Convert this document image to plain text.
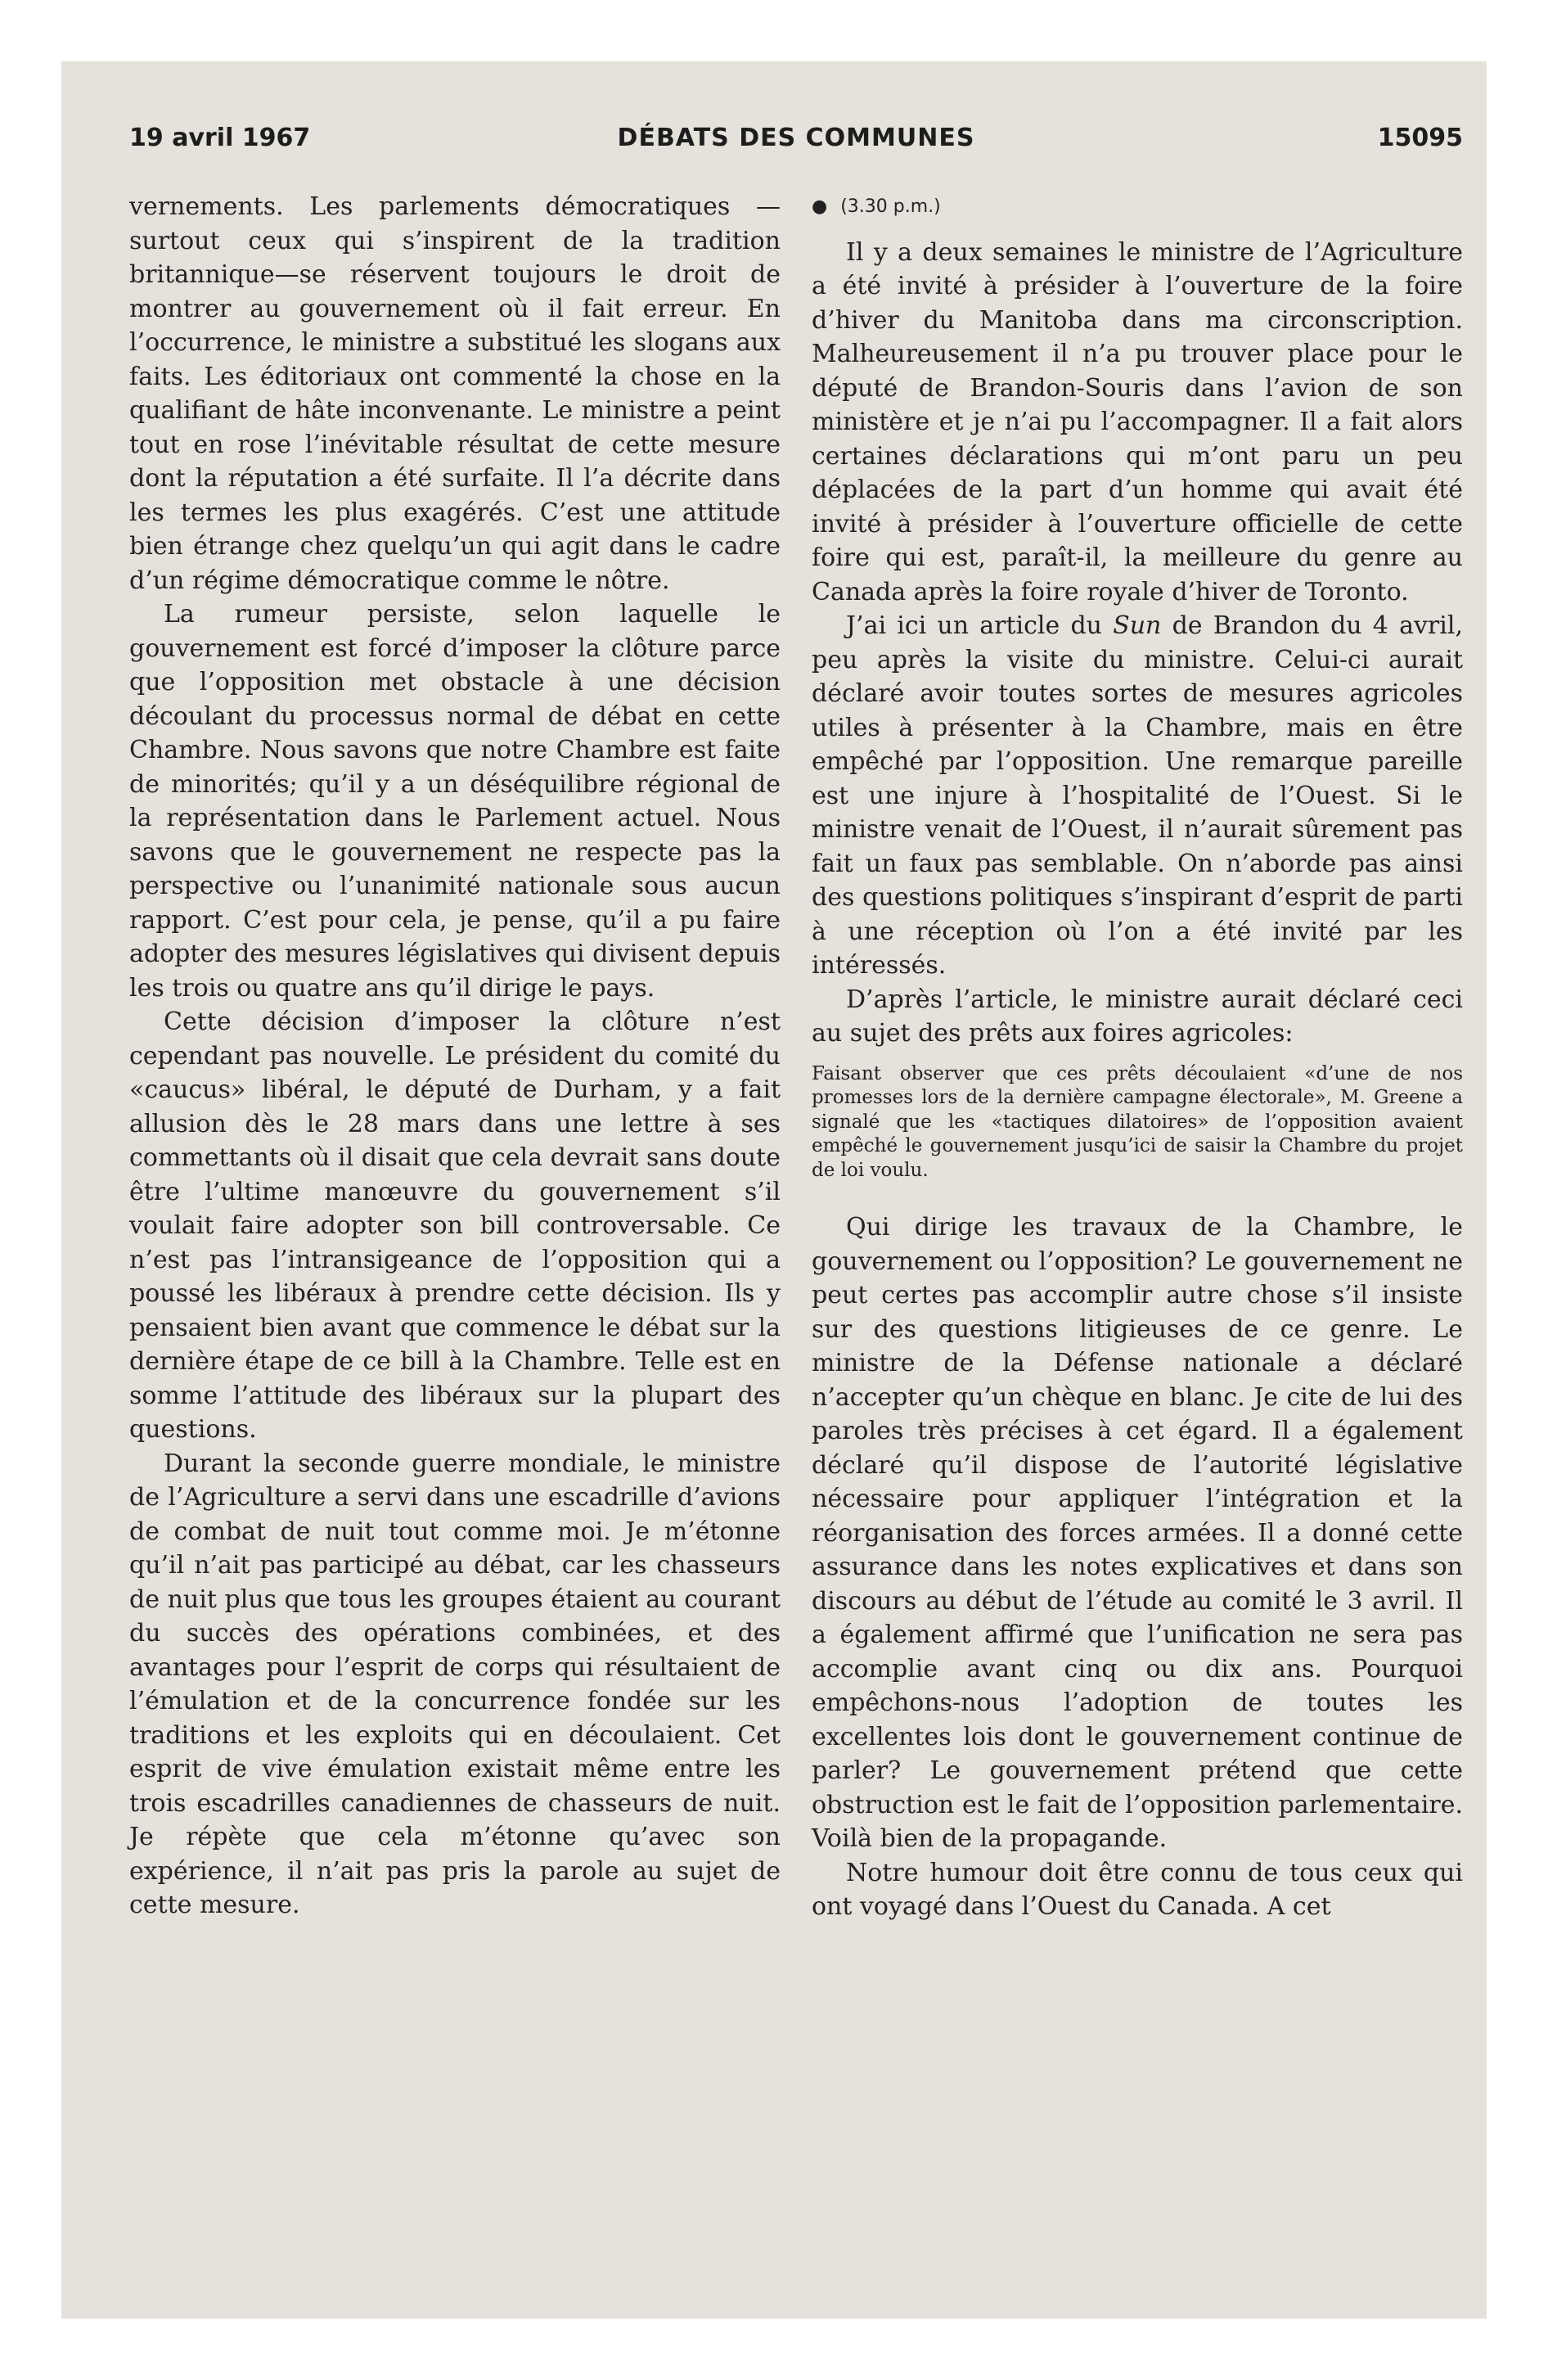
19 avril 1967	DÉBATS DES COMMUNES	15095

vernements. Les parlements démocratiques —surtout ceux qui s’inspirent de la tradition britannique—se réservent toujours le droit de montrer au gouvernement où il fait erreur. En l’occurrence, le ministre a substitué les slogans aux faits. Les éditoriaux ont commenté la chose en la qualifiant de hâte inconvenante. Le ministre a peint tout en rose l’inévitable résultat de cette mesure dont la réputation a été surfaite. Il l’a décrite dans les termes les plus exagérés. C’est une attitude bien étrange chez quelqu’un qui agit dans le cadre d’un régime démocratique comme le nôtre.

La rumeur persiste, selon laquelle le gouvernement est forcé d’imposer la clôture parce que l’opposition met obstacle à une décision découlant du processus normal de débat en cette Chambre. Nous savons que notre Chambre est faite de minorités; qu’il y a un déséquilibre régional de la représentation dans le Parlement actuel. Nous savons que le gouvernement ne respecte pas la perspective ou l’unanimité nationale sous aucun rapport. C’est pour cela, je pense, qu’il a pu faire adopter des mesures législatives qui divisent depuis les trois ou quatre ans qu’il dirige le pays.

Cette décision d’imposer la clôture n’est cependant pas nouvelle. Le président du comité du «caucus» libéral, le député de Durham, y a fait allusion dès le 28 mars dans une lettre à ses commettants où il disait que cela devrait sans doute être l’ultime manœuvre du gouvernement s’il voulait faire adopter son bill controversable. Ce n’est pas l’intransigeance de l’opposition qui a poussé les libéraux à prendre cette décision. Ils y pensaient bien avant que commence le débat sur la dernière étape de ce bill à la Chambre. Telle est en somme l’attitude des libéraux sur la plupart des questions.

Durant la seconde guerre mondiale, le ministre de l’Agriculture a servi dans une escadrille d’avions de combat de nuit tout comme moi. Je m’étonne qu’il n’ait pas participé au débat, car les chasseurs de nuit plus que tous les groupes étaient au courant du succès des opérations combinées, et des avantages pour l’esprit de corps qui résultaient de l’émulation et de la concurrence fondée sur les traditions et les exploits qui en découlaient. Cet esprit de vive émulation existait même entre les trois escadrilles canadiennes de chasseurs de nuit. Je répète que cela m’étonne qu’avec son expérience, il n’ait pas pris la parole au sujet de cette mesure.

● (3.30 p.m.)

Il y a deux semaines le ministre de l’Agriculture a été invité à présider à l’ouverture de la foire d’hiver du Manitoba dans ma circonscription. Malheureusement il n’a pu trouver place pour le député de Brandon-Souris dans l’avion de son ministère et je n’ai pu l’accompagner. Il a fait alors certaines déclarations qui m’ont paru un peu déplacées de la part d’un homme qui avait été invité à présider à l’ouverture officielle de cette foire qui est, paraît-il, la meilleure du genre au Canada après la foire royale d’hiver de Toronto.

J’ai ici un article du Sun de Brandon du 4 avril, peu après la visite du ministre. Celui-ci aurait déclaré avoir toutes sortes de mesures agricoles utiles à présenter à la Chambre, mais en être empêché par l’opposition. Une remarque pareille est une injure à l’hospitalité de l’Ouest. Si le ministre venait de l’Ouest, il n’aurait sûrement pas fait un faux pas semblable. On n’aborde pas ainsi des questions politiques s’inspirant d’esprit de parti à une réception où l’on a été invité par les intéressés.

D’après l’article, le ministre aurait déclaré ceci au sujet des prêts aux foires agricoles:

Faisant observer que ces prêts découlaient «d’une de nos promesses lors de la dernière campagne électorale», M. Greene a signalé que les «tactiques dilatoires» de l’opposition avaient empêché le gouvernement jusqu’ici de saisir la Chambre du projet de loi voulu.

Qui dirige les travaux de la Chambre, le gouvernement ou l’opposition? Le gouvernement ne peut certes pas accomplir autre chose s’il insiste sur des questions litigieuses de ce genre. Le ministre de la Défense nationale a déclaré n’accepter qu’un chèque en blanc. Je cite de lui des paroles très précises à cet égard. Il a également déclaré qu’il dispose de l’autorité législative nécessaire pour appliquer l’intégration et la réorganisation des forces armées. Il a donné cette assurance dans les notes explicatives et dans son discours au début de l’étude au comité le 3 avril. Il a également affirmé que l’unification ne sera pas accomplie avant cinq ou dix ans. Pourquoi empêchons-nous l’adoption de toutes les excellentes lois dont le gouvernement continue de parler? Le gouvernement prétend que cette obstruction est le fait de l’opposition parlementaire. Voilà bien de la propagande.

Notre humour doit être connu de tous ceux qui ont voyagé dans l’Ouest du Canada. A cet
